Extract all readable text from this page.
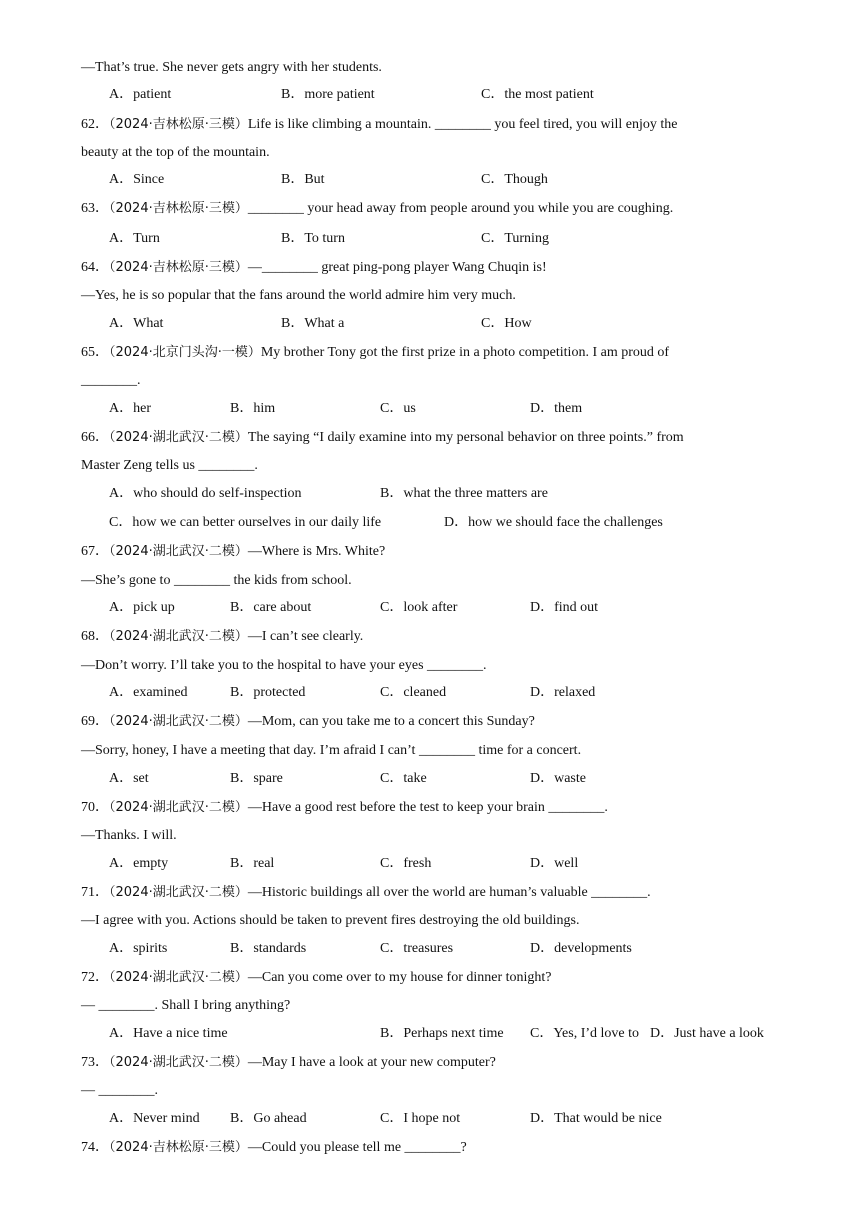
—That’s true. She never gets angry with her students.
A．patient	B．more patient	C．the most patient
62．（2024·吉林松原·三模）Life is like climbing a mountain. ________ you feel tired, you will enjoy the
beauty at the top of the mountain.
A．Since	B．But	C．Though
63．（2024·吉林松原·三模）________ your head away from people around you while you are coughing.
A．Turn	B．To turn	C．Turning
64．（2024·吉林松原·三模）—________ great ping-pong player Wang Chuqin is!
—Yes, he is so popular that the fans around the world admire him very much.
A．What	B．What a	C．How
65．（2024·北京门头沟·一模）My brother Tony got the first prize in a photo competition. I am proud of
________.
A．her	B．him	C．us	D．them
66．（2024·湖北武汉·二模）The saying “I daily examine into my personal behavior on three points.” from
Master Zeng tells us ________.
A．who should do self-inspection	B．what the three matters are
C．how we can better ourselves in our daily life	D．how we should face the challenges
67．（2024·湖北武汉·二模）—Where is Mrs. White?
—She’s gone to ________ the kids from school.
A．pick up	B．care about	C．look after	D．find out
68．（2024·湖北武汉·二模）—I can’t see clearly.
—Don’t worry. I’ll take you to the hospital to have your eyes ________.
A．examined	B．protected	C．cleaned	D．relaxed
69．（2024·湖北武汉·二模）—Mom, can you take me to a concert this Sunday?
—Sorry, honey, I have a meeting that day. I’m afraid I can’t ________ time for a concert.
A．set	B．spare	C．take	D．waste
70．（2024·湖北武汉·二模）—Have a good rest before the test to keep your brain ________.
—Thanks. I will.
A．empty	B．real	C．fresh	D．well
71．（2024·湖北武汉·二模）—Historic buildings all over the world are human’s valuable ________.
—I agree with you. Actions should be taken to prevent fires destroying the old buildings.
A．spirits	B．standards	C．treasures	D．developments
72．（2024·湖北武汉·二模）—Can you come over to my house for dinner tonight?
— ________. Shall I bring anything?
A．Have a nice time	B．Perhaps next time C．Yes, I’d love to D．Just have a look
73．（2024·湖北武汉·二模）—May I have a look at your new computer?
— ________.
A．Never mind B．Go ahead	C．I hope not	D．That would be nice
74．（2024·吉林松原·三模）—Could you please tell me ________?
